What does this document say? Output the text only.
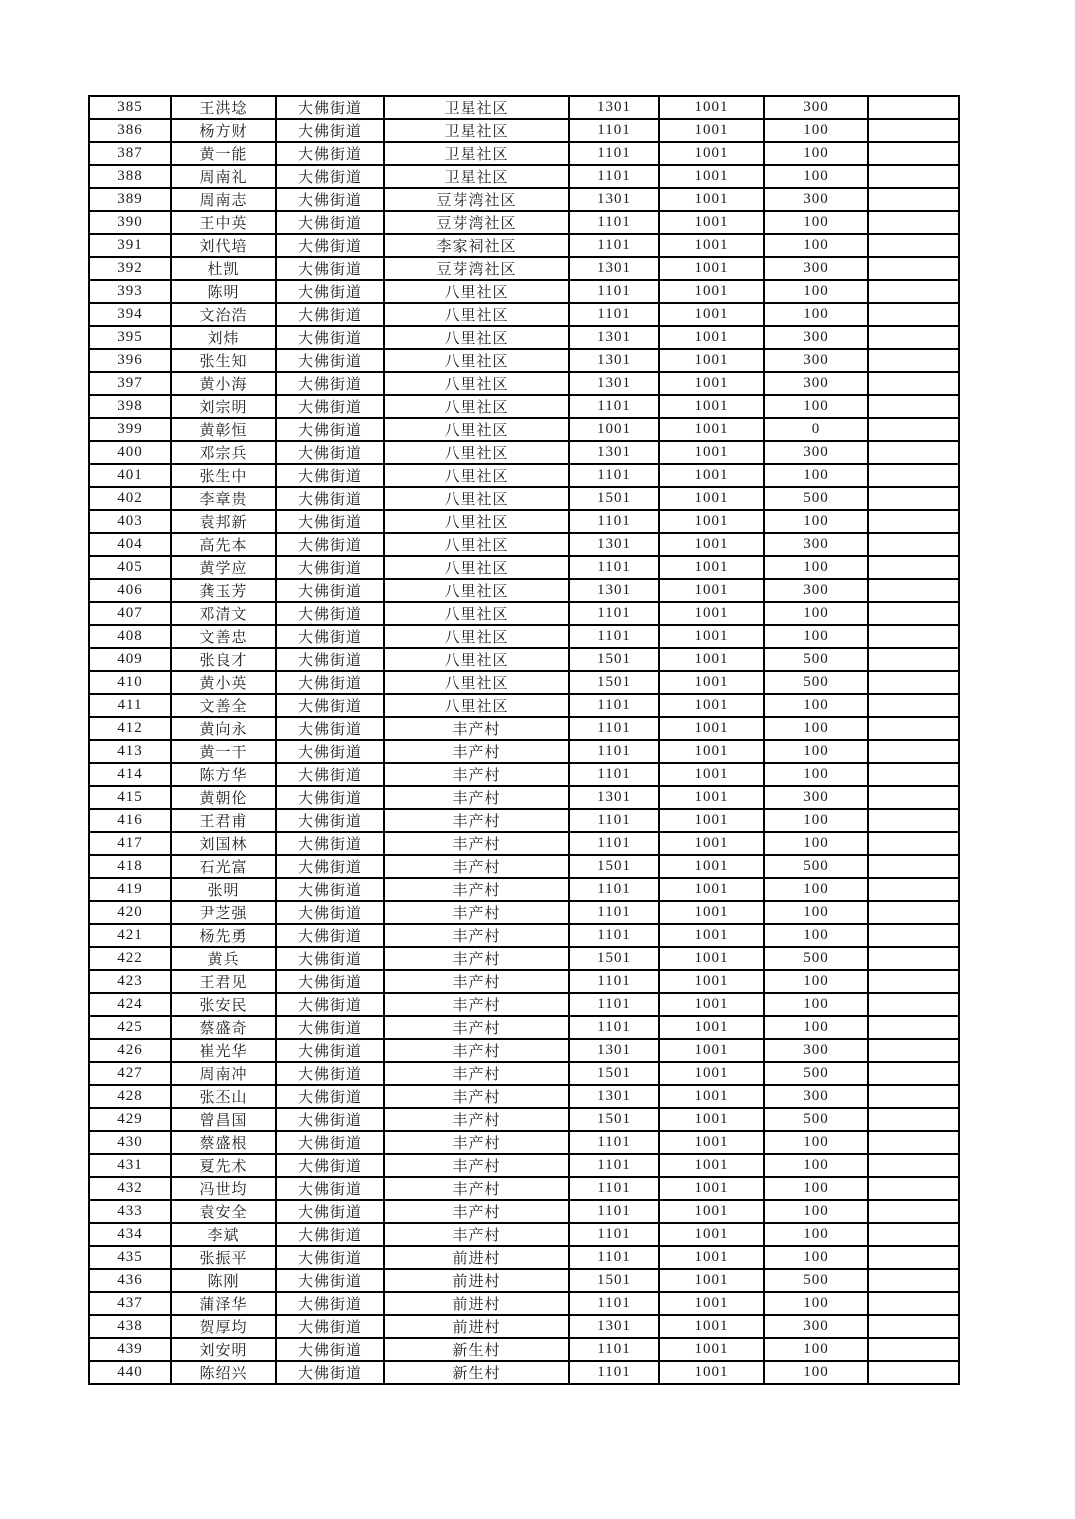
385	王洪埝	大佛街道	卫星社区	1301	1001	300	
386	杨方财	大佛街道	卫星社区	1101	1001	100	
387	黄一能	大佛街道	卫星社区	1101	1001	100	
388	周南礼	大佛街道	卫星社区	1101	1001	100	
389	周南志	大佛街道	豆芽湾社区	1301	1001	300	
390	王中英	大佛街道	豆芽湾社区	1101	1001	100	
391	刘代培	大佛街道	李家祠社区	1101	1001	100	
392	杜凯	大佛街道	豆芽湾社区	1301	1001	300	
393	陈明	大佛街道	八里社区	1101	1001	100	
394	文治浩	大佛街道	八里社区	1101	1001	100	
395	刘炜	大佛街道	八里社区	1301	1001	300	
396	张生知	大佛街道	八里社区	1301	1001	300	
397	黄小海	大佛街道	八里社区	1301	1001	300	
398	刘宗明	大佛街道	八里社区	1101	1001	100	
399	黄彰恒	大佛街道	八里社区	1001	1001	0	
400	邓宗兵	大佛街道	八里社区	1301	1001	300	
401	张生中	大佛街道	八里社区	1101	1001	100	
402	李章贵	大佛街道	八里社区	1501	1001	500	
403	袁邦新	大佛街道	八里社区	1101	1001	100	
404	高先本	大佛街道	八里社区	1301	1001	300	
405	黄学应	大佛街道	八里社区	1101	1001	100	
406	龚玉芳	大佛街道	八里社区	1301	1001	300	
407	邓清文	大佛街道	八里社区	1101	1001	100	
408	文善忠	大佛街道	八里社区	1101	1001	100	
409	张良才	大佛街道	八里社区	1501	1001	500	
410	黄小英	大佛街道	八里社区	1501	1001	500	
411	文善全	大佛街道	八里社区	1101	1001	100	
412	黄向永	大佛街道	丰产村	1101	1001	100	
413	黄一干	大佛街道	丰产村	1101	1001	100	
414	陈方华	大佛街道	丰产村	1101	1001	100	
415	黄朝伦	大佛街道	丰产村	1301	1001	300	
416	王君甫	大佛街道	丰产村	1101	1001	100	
417	刘国林	大佛街道	丰产村	1101	1001	100	
418	石光富	大佛街道	丰产村	1501	1001	500	
419	张明	大佛街道	丰产村	1101	1001	100	
420	尹芝强	大佛街道	丰产村	1101	1001	100	
421	杨先勇	大佛街道	丰产村	1101	1001	100	
422	黄兵	大佛街道	丰产村	1501	1001	500	
423	王君见	大佛街道	丰产村	1101	1001	100	
424	张安民	大佛街道	丰产村	1101	1001	100	
425	蔡盛奇	大佛街道	丰产村	1101	1001	100	
426	崔光华	大佛街道	丰产村	1301	1001	300	
427	周南冲	大佛街道	丰产村	1501	1001	500	
428	张丕山	大佛街道	丰产村	1301	1001	300	
429	曾昌国	大佛街道	丰产村	1501	1001	500	
430	蔡盛根	大佛街道	丰产村	1101	1001	100	
431	夏先术	大佛街道	丰产村	1101	1001	100	
432	冯世均	大佛街道	丰产村	1101	1001	100	
433	袁安全	大佛街道	丰产村	1101	1001	100	
434	李斌	大佛街道	丰产村	1101	1001	100	
435	张振平	大佛街道	前进村	1101	1001	100	
436	陈刚	大佛街道	前进村	1501	1001	500	
437	蒲泽华	大佛街道	前进村	1101	1001	100	
438	贺厚均	大佛街道	前进村	1301	1001	300	
439	刘安明	大佛街道	新生村	1101	1001	100	
440	陈绍兴	大佛街道	新生村	1101	1001	100	
